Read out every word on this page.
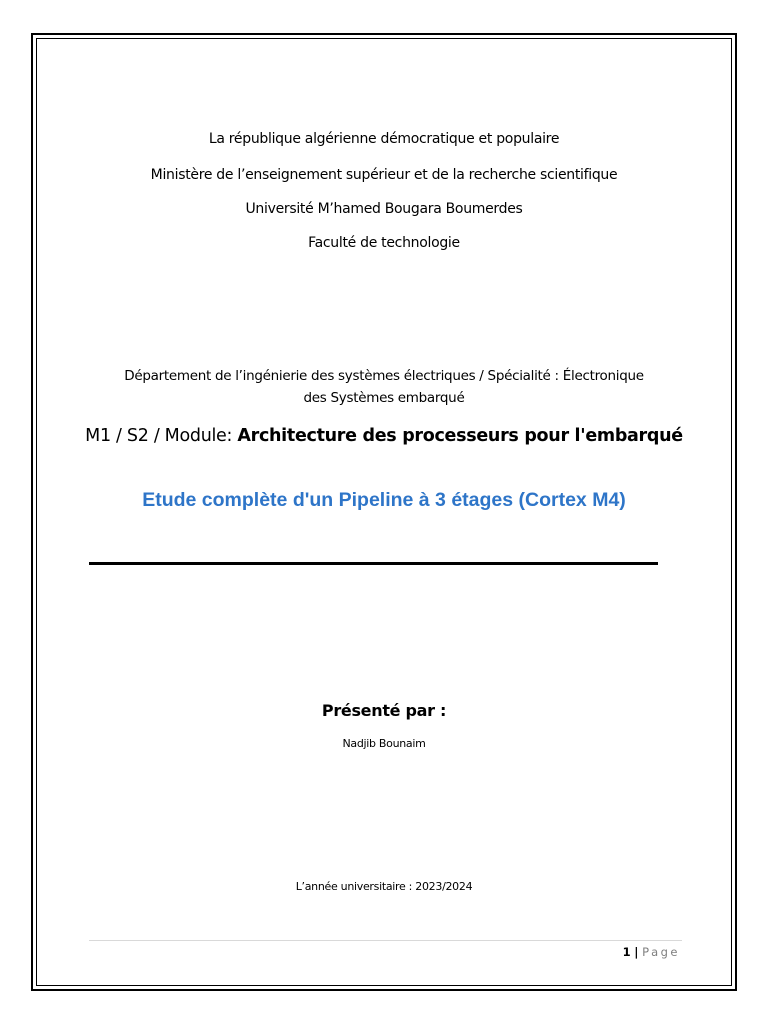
La république algérienne démocratique et populaire
Ministère de l’enseignement supérieur et de la recherche scientifique
Université M’hamed Bougara Boumerdes
Faculté de technologie
Département de l’ingénierie des systèmes électriques / Spécialité : Électronique
des Systèmes embarqué
M1 / S2 / Module: Architecture des processeurs pour l'embarqué
Etude complète d'un Pipeline à 3 étages (Cortex M4)
Présenté par :
Nadjib Bounaim
L’année universitaire : 2023/2024
1 | Page
